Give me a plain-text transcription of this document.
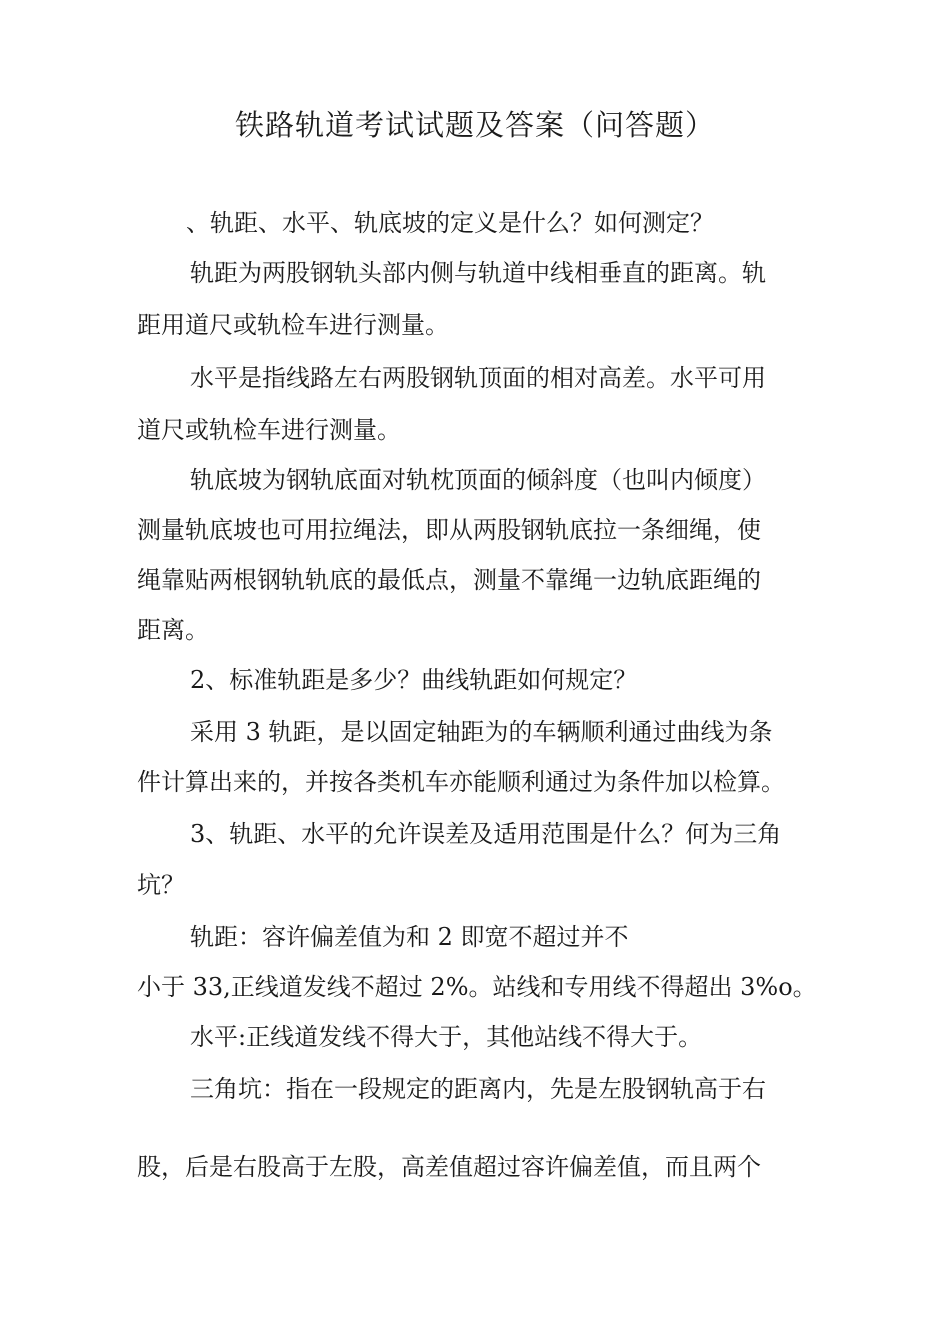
铁路轨道考试试题及答案（问答题）
、轨距、水平、轨底坡的定义是什么？如何测定？
轨距为两股钢轨头部内侧与轨道中线相垂直的距离。轨
距用道尺或轨检车进行测量。
水平是指线路左右两股钢轨顶面的相对高差。水平可用
道尺或轨检车进行测量。
轨底坡为钢轨底面对轨枕顶面的倾斜度（也叫内倾度）
测量轨底坡也可用拉绳法，即从两股钢轨底拉一条细绳，使
绳靠贴两根钢轨轨底的最低点，测量不靠绳一边轨底距绳的
距离。
2、标准轨距是多少？曲线轨距如何规定？
采用 3 轨距，是以固定轴距为的车辆顺利通过曲线为条
件计算出来的，并按各类机车亦能顺利通过为条件加以检算。
3、轨距、水平的允许误差及适用范围是什么？何为三角
坑？
轨距：容许偏差值为和 2 即宽不超过并不
小于 33,正线道发线不超过 2%。站线和专用线不得超出 3%o。
水平:正线道发线不得大于，其他站线不得大于。
三角坑：指在一段规定的距离内，先是左股钢轨高于右
股，后是右股高于左股，高差值超过容许偏差值，而且两个
